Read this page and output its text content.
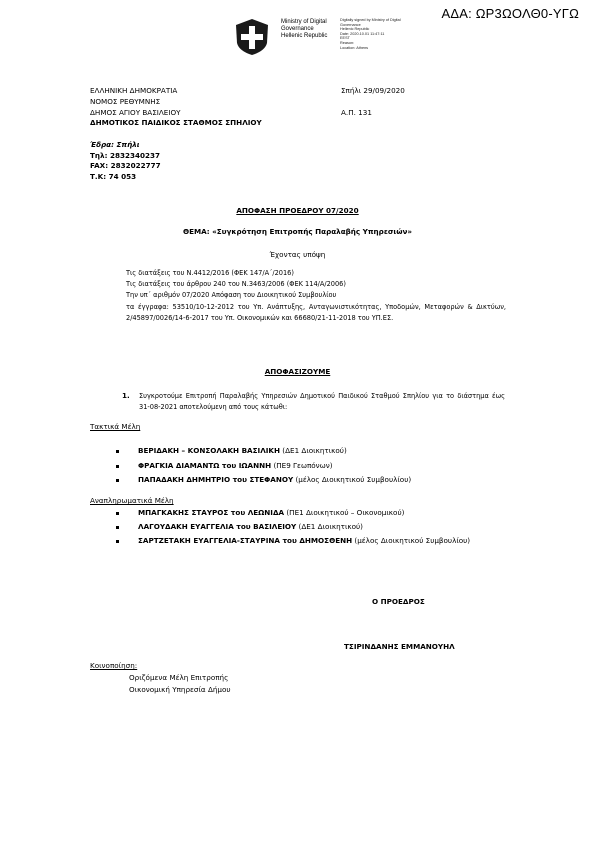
ΑΔΑ: ΩΡ3ΩΟΛΘ0-ΥΓΩ
Ministry of Digital
Governance
Hellenic Republic
Digitally signed by Ministry of Digital
Governance
Hellenic Republic
Date: 2020.10.01 11:47:11
EEST
Reason:
Location: Athens
ΕΛΛΗΝΙΚΗ ΔΗΜΟΚΡΑΤΙΑ
ΝΟΜΟΣ ΡΕΘΥΜΝΗΣ
ΔΗΜΟΣ ΑΓΙΟΥ ΒΑΣΙΛΕΙΟΥ
ΔΗΜΟΤΙΚΟΣ ΠΑΙΔΙΚΟΣ ΣΤΑΘΜΟΣ ΣΠΗΛΙΟΥ
Σπήλι 29/09/2020
Α.Π. 131
Έδρα: Σπήλι
Τηλ: 2832340237
FAX: 2832022777
Τ.Κ: 74 053
ΑΠΟΦΑΣΗ ΠΡΟΕΔΡΟΥ 07/2020
ΘΕΜΑ: «Συγκρότηση Επιτροπής Παραλαβής Υπηρεσιών»
Έχοντας υπόψη
Τις διατάξεις του Ν.4412/2016 (ΦΕΚ 147/Α΄/2016)
Τις διατάξεις του άρθρου 240 του Ν.3463/2006 (ΦΕΚ 114/Α/2006)
Την υπ΄ αριθμόν 07/2020 Απόφαση του Διοικητικού Συμβουλίου
τα έγγραφα: 53510/10-12-2012 του Υπ. Ανάπτυξης, Ανταγωνιστικότητας, Υποδομών, Μεταφορών & Δικτύων, 2/45897/0026/14-6-2017 του Υπ. Οικονομικών και 66680/21-11-2018 του ΥΠ.ΕΣ.
ΑΠΟΦΑΣΙΖΟΥΜΕ
1. Συγκροτούμε Επιτροπή Παραλαβής Υπηρεσιών Δημοτικού Παιδικού Σταθμού Σπηλίου για το διάστημα έως 31-08-2021 αποτελούμενη από τους κάτωθι:
Τακτικά Μέλη
ΒΕΡΙΔΑΚΗ – ΚΟΝΣΟΛΑΚΗ ΒΑΣΙΛΙΚΗ (ΔΕ1 Διοικητικού)
ΦΡΑΓΚΙΑ ΔΙΑΜΑΝΤΩ του ΙΩΑΝΝΗ (ΠΕ9 Γεωπόνων)
ΠΑΠΑΔΑΚΗ ΔΗΜΗΤΡΙΟ του ΣΤΕΦΑΝΟΥ (μέλος Διοικητικού Συμβουλίου)
Αναπληρωματικά Μέλη
ΜΠΑΓΚΑΚΗΣ ΣΤΑΥΡΟΣ του ΛΕΩΝΙΔΑ (ΠΕ1 Διοικητικού – Οικονομικού)
ΛΑΓΟΥΔΑΚΗ ΕΥΑΓΓΕΛΙΑ του ΒΑΣΙΛΕΙΟΥ (ΔΕ1 Διοικητικού)
ΣΑΡΤΖΕΤΑΚΗ ΕΥΑΓΓΕΛΙΑ-ΣΤΑΥΡΙΝΑ του ΔΗΜΟΣΘΕΝΗ (μέλος Διοικητικού Συμβουλίου)
Ο ΠΡΟΕΔΡΟΣ
ΤΣΙΡΙΝΔΑΝΗΣ ΕΜΜΑΝΟΥΗΛ
Κοινοποίηση:
Οριζόμενα Μέλη Επιτροπής
Οικονομική Υπηρεσία Δήμου
